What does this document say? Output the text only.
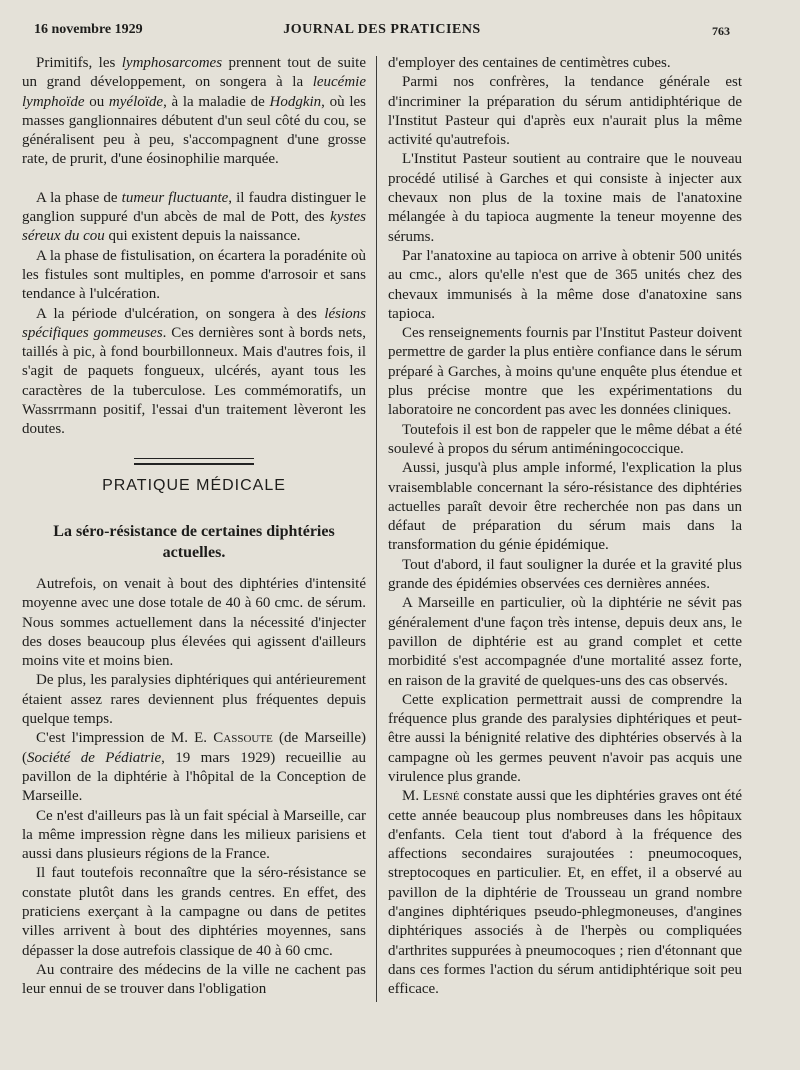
16 novembre 1929	JOURNAL DES PRATICIENS	763

Primitifs, les lymphosarcomes prennent tout de suite un grand développement, on songera à la leucémie lymphoïde ou myéloïde, à la maladie de Hodgkin, où les masses ganglionnaires débutent d'un seul côté du cou, se généralisent peu à peu, s'accompagnent d'une grosse rate, de prurit, d'une éosinophilie marquée.

A la phase de tumeur fluctuante, il faudra distinguer le ganglion suppuré d'un abcès de mal de Pott, des kystes séreux du cou qui existent depuis la naissance.

A la phase de fistulisation, on écartera la poradénite où les fistules sont multiples, en pomme d'arrosoir et sans tendance à l'ulcération.

A la période d'ulcération, on songera à des lésions spécifiques gommeuses. Ces dernières sont à bords nets, taillés à pic, à fond bourbillonneux. Mais d'autres fois, il s'agit de paquets fongueux, ulcérés, ayant tous les caractères de la tuberculose. Les commémoratifs, un Wassrrmann positif, l'essai d'un traitement lèveront les doutes.

PRATIQUE MÉDICALE

La séro-résistance de certaines diphtéries actuelles.

Autrefois, on venait à bout des diphtéries d'intensité moyenne avec une dose totale de 40 à 60 cmc. de sérum. Nous sommes actuellement dans la nécessité d'injecter des doses beaucoup plus élevées qui agissent d'ailleurs moins vite et moins bien.

De plus, les paralysies diphtériques qui antérieurement étaient assez rares deviennent plus fréquentes depuis quelque temps.

C'est l'impression de M. E. Cassoute (de Marseille) (Société de Pédiatrie, 19 mars 1929) recueillie au pavillon de la diphtérie à l'hôpital de la Conception de Marseille.

Ce n'est d'ailleurs pas là un fait spécial à Marseille, car la même impression règne dans les milieux parisiens et aussi dans plusieurs régions de la France.

Il faut toutefois reconnaître que la séro-résistance se constate plutôt dans les grands centres. En effet, des praticiens exerçant à la campagne ou dans de petites villes arrivent à bout des diphtéries moyennes, sans dépasser la dose autrefois classique de 40 à 60 cmc.

Au contraire des médecins de la ville ne cachent pas leur ennui de se trouver dans l'obligation

d'employer des centaines de centimètres cubes.

Parmi nos confrères, la tendance générale est d'incriminer la préparation du sérum antidiphtérique de l'Institut Pasteur qui d'après eux n'aurait plus la même activité qu'autrefois.

L'Institut Pasteur soutient au contraire que le nouveau procédé utilisé à Garches et qui consiste à injecter aux chevaux non plus de la toxine mais de l'anatoxine mélangée à du tapioca augmente la teneur moyenne des sérums.

Par l'anatoxine au tapioca on arrive à obtenir 500 unités au cmc., alors qu'elle n'est que de 365 unités chez des chevaux immunisés à la même dose d'anatoxine sans tapioca.

Ces renseignements fournis par l'Institut Pasteur doivent permettre de garder la plus entière confiance dans le sérum préparé à Garches, à moins qu'une enquête plus étendue et plus précise montre que les expérimentations du laboratoire ne concordent pas avec les données cliniques.

Toutefois il est bon de rappeler que le même débat a été soulevé à propos du sérum antiméningococcique.

Aussi, jusqu'à plus ample informé, l'explication la plus vraisemblable concernant la séro-résistance des diphtéries actuelles paraît devoir être recherchée non pas dans un défaut de préparation du sérum mais dans la transformation du génie épidémique.

Tout d'abord, il faut souligner la durée et la gravité plus grande des épidémies observées ces dernières années.

A Marseille en particulier, où la diphtérie ne sévit pas généralement d'une façon très intense, depuis deux ans, le pavillon de diphtérie est au grand complet et cette morbidité s'est accompagnée d'une mortalité assez forte, en raison de la gravité de quelques-uns des cas observés.

Cette explication permettrait aussi de comprendre la fréquence plus grande des paralysies diphtériques et peut-être aussi la bénignité relative des diphtéries observés à la campagne où les germes peuvent n'avoir pas acquis une virulence plus grande.

M. Lesné constate aussi que les diphtéries graves ont été cette année beaucoup plus nombreuses dans les hôpitaux d'enfants. Cela tient tout d'abord à la fréquence des affections secondaires surajoutées : pneumocoques, streptocoques en particulier. Et, en effet, il a observé au pavillon de la diphtérie de Trousseau un grand nombre d'angines diphtériques pseudo-phlegmoneuses, d'angines diphtériques associés à de l'herpès ou compliquées d'arthrites suppurées à pneumocoques ; rien d'étonnant que dans ces formes l'action du sérum antidiphtérique soit peu efficace.
